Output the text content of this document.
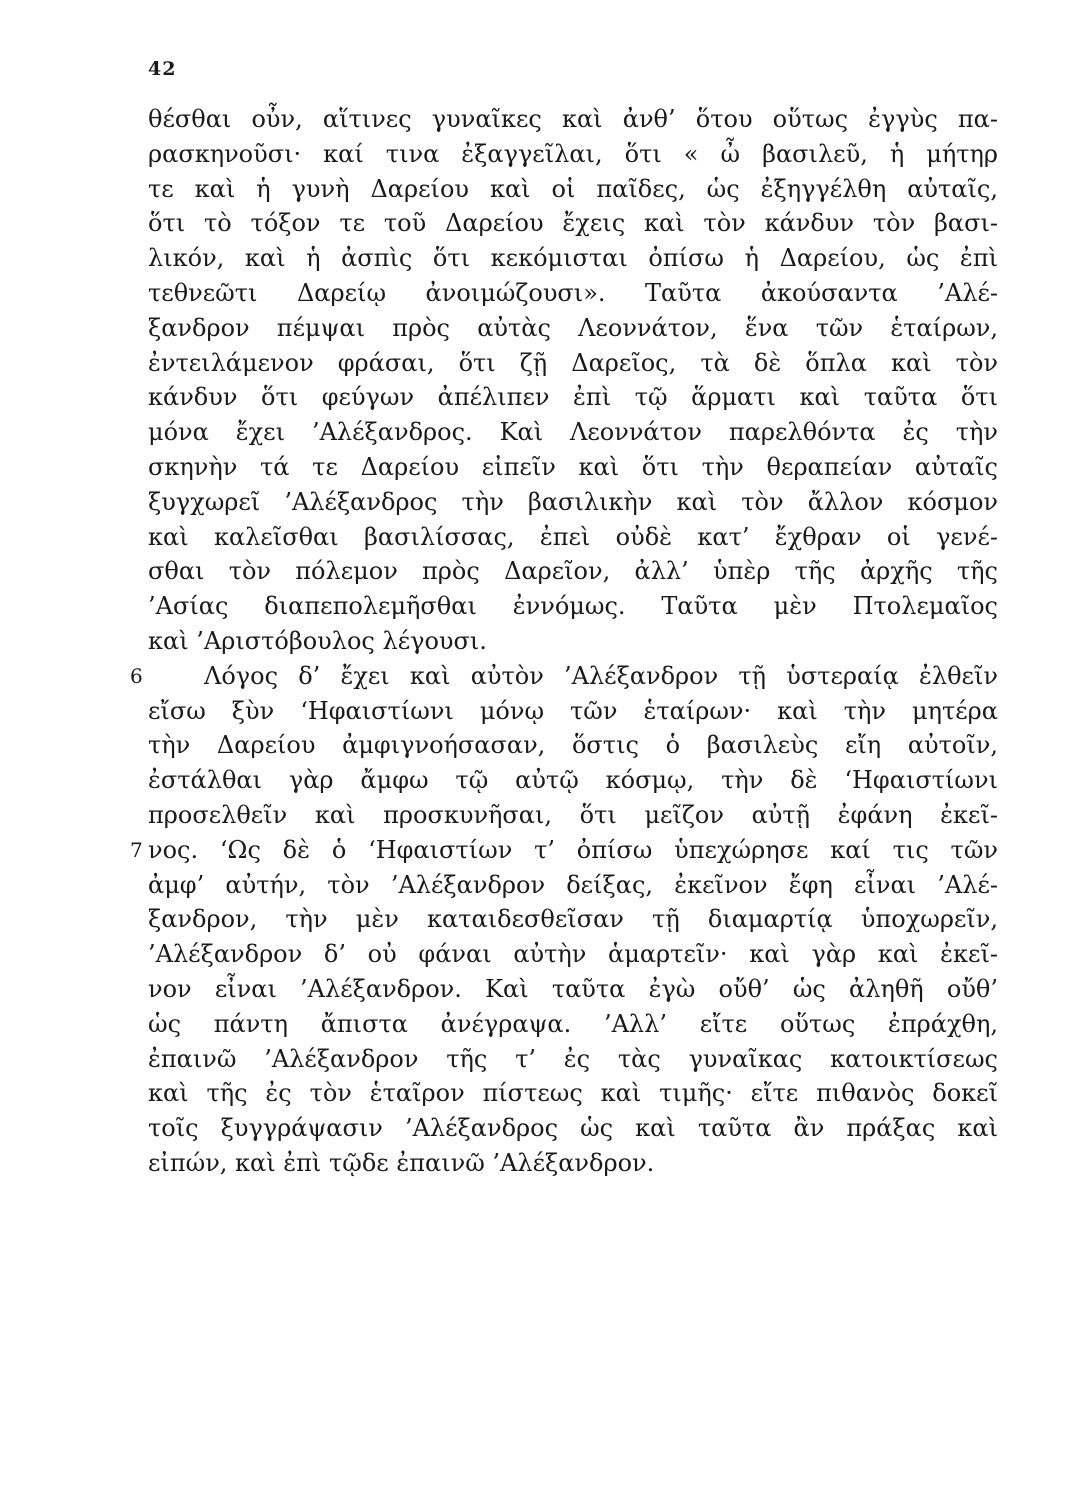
42
θέσθαι οὖν, αἵτινες γυναῖκες καὶ ἀνθ’ ὅτου οὕτως ἐγγὺς πα-
ρασκηνοῦσι· καί τινα ἐξαγγεῖλαι, ὅτι « ὦ βασιλεῦ, ἡ μήτηρ
τε καὶ ἡ γυνὴ Δαρείου καὶ οἱ παῖδες, ὡς ἐξηγγέλθη αὐταῖς,
ὅτι τὸ τόξον τε τοῦ Δαρείου ἔχεις καὶ τὸν κάνδυν τὸν βασι-
λικόν, καὶ ἡ ἀσπὶς ὅτι κεκόμισται ὀπίσω ἡ Δαρείου, ὡς ἐπὶ
τεθνεῶτι Δαρείῳ ἀνοιμώζουσι». Ταῦτα ἀκούσαντα ’Αλέ-
ξανδρον πέμψαι πρὸς αὐτὰς Λεοννάτον, ἕνα τῶν ἑταίρων,
ἐντειλάμενον φράσαι, ὅτι ζῇ Δαρεῖος, τὰ δὲ ὅπλα καὶ τὸν
κάνδυν ὅτι φεύγων ἀπέλιπεν ἐπὶ τῷ ἅρματι καὶ ταῦτα ὅτι
μόνα ἔχει ’Αλέξανδρος. Καὶ Λεοννάτον παρελθόντα ἐς τὴν
σκηνὴν τά τε Δαρείου εἰπεῖν καὶ ὅτι τὴν θεραπείαν αὐταῖς
ξυγχωρεῖ ’Αλέξανδρος τὴν βασιλικὴν καὶ τὸν ἄλλον κόσμον
καὶ καλεῖσθαι βασιλίσσας, ἐπεὶ οὐδὲ κατ’ ἔχθραν οἱ γενέ-
σθαι τὸν πόλεμον πρὸς Δαρεῖον, ἀλλ’ ὑπὲρ τῆς ἀρχῆς τῆς
’Ασίας διαπεπολεμῆσθαι ἐννόμως. Ταῦτα μὲν Πτολεμαῖος
καὶ ’Αριστόβουλος λέγουσι.
6	Λόγος δ’ ἔχει καὶ αὐτὸν ’Αλέξανδρον τῇ ὑστεραίᾳ ἐλθεῖν
εἴσω ξὺν ‘Ηφαιστίωνι μόνῳ τῶν ἑταίρων· καὶ τὴν μητέρα
τὴν Δαρείου ἀμφιγνοήσασαν, ὅστις ὁ βασιλεὺς εἴη αὐτοῖν,
ἐστάλθαι γὰρ ἄμφω τῷ αὐτῷ κόσμῳ, τὴν δὲ ‘Ηφαιστίωνι
προσελθεῖν καὶ προσκυνῆσαι, ὅτι μεῖζον αὐτῇ ἐφάνη ἐκεῖ-
7 νος. ‘Ως δὲ ὁ ‘Ηφαιστίων τ’ ὀπίσω ὑπεχώρησε καί τις τῶν
ἀμφ’ αὐτήν, τὸν ’Αλέξανδρον δείξας, ἐκεῖνον ἔφη εἶναι ’Αλέ-
ξανδρον, τὴν μὲν καταιδεσθεῖσαν τῇ διαμαρτίᾳ ὑποχωρεῖν,
’Αλέξανδρον δ’ οὐ φάναι αὐτὴν ἁμαρτεῖν· καὶ γὰρ καὶ ἐκεῖ-
νον εἶναι ’Αλέξανδρον. Καὶ ταῦτα ἐγὼ οὔθ’ ὡς ἀληθῆ οὔθ’
ὡς πάντη ἄπιστα ἀνέγραψα. ’Αλλ’ εἴτε οὕτως ἐπράχθη,
ἐπαινῶ ’Αλέξανδρον τῆς τ’ ἐς τὰς γυναῖκας κατοικτίσεως
καὶ τῆς ἐς τὸν ἑταῖρον πίστεως καὶ τιμῆς· εἴτε πιθανὸς δοκεῖ
τοῖς ξυγγράψασιν ’Αλέξανδρος ὡς καὶ ταῦτα ἂν πράξας καὶ
εἰπών, καὶ ἐπὶ τῷδε ἐπαινῶ ’Αλέξανδρον.
